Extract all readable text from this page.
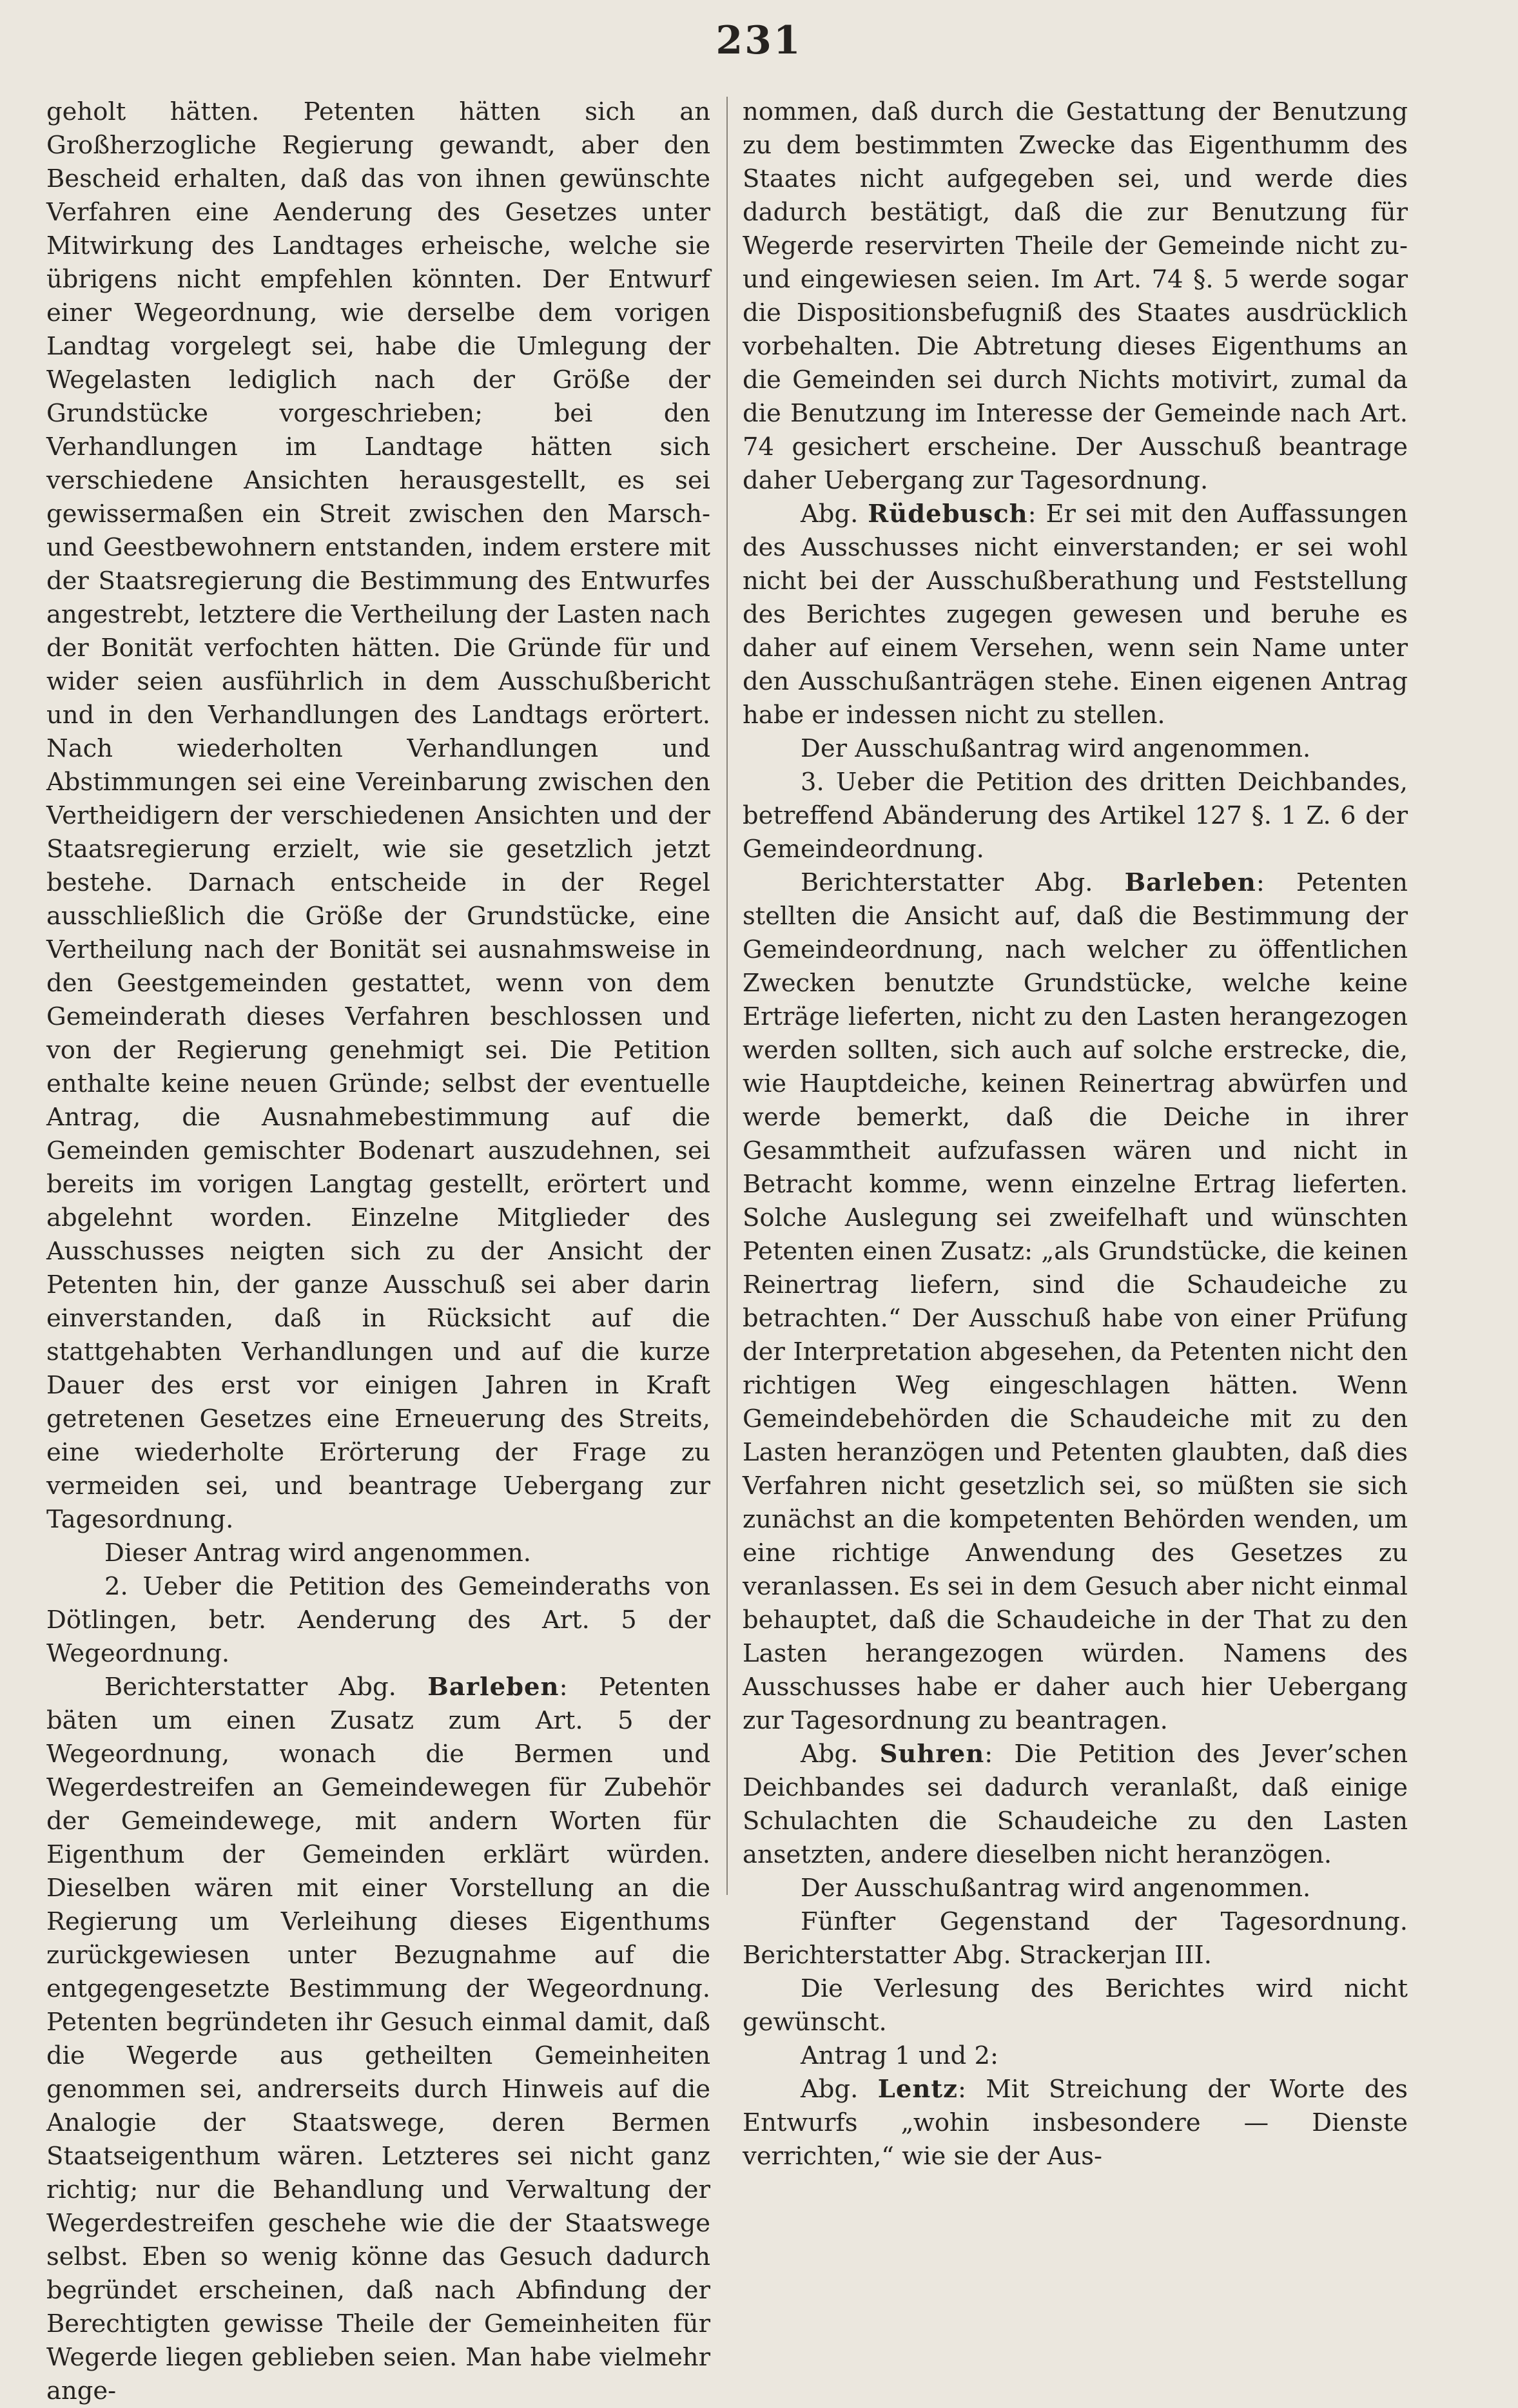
231

geholt hätten. Petenten hätten sich an Großherzogliche Regierung gewandt, aber den Bescheid erhalten, daß das von ihnen gewünschte Verfahren eine Aenderung des Gesetzes unter Mitwirkung des Landtages erheische, welche sie übrigens nicht empfehlen könnten. Der Entwurf einer Wegeordnung, wie derselbe dem vorigen Landtag vorgelegt sei, habe die Umlegung der Wegelasten lediglich nach der Größe der Grundstücke vorgeschrieben; bei den Verhandlungen im Landtage hätten sich verschiedene Ansichten herausgestellt, es sei gewissermaßen ein Streit zwischen den Marsch- und Geestbewohnern entstanden, indem erstere mit der Staatsregierung die Bestimmung des Entwurfes angestrebt, letztere die Vertheilung der Lasten nach der Bonität verfochten hätten. Die Gründe für und wider seien ausführlich in dem Ausschußbericht und in den Verhandlungen des Landtags erörtert. Nach wiederholten Verhandlungen und Abstimmungen sei eine Vereinbarung zwischen den Vertheidigern der verschiedenen Ansichten und der Staatsregierung erzielt, wie sie gesetzlich jetzt bestehe. Darnach entscheide in der Regel ausschließlich die Größe der Grundstücke, eine Vertheilung nach der Bonität sei ausnahmsweise in den Geestgemeinden gestattet, wenn von dem Gemeinderath dieses Verfahren beschlossen und von der Regierung genehmigt sei. Die Petition enthalte keine neuen Gründe; selbst der eventuelle Antrag, die Ausnahmebestimmung auf die Gemeinden gemischter Bodenart auszudehnen, sei bereits im vorigen Langtag gestellt, erörtert und abgelehnt worden. Einzelne Mitglieder des Ausschusses neigten sich zu der Ansicht der Petenten hin, der ganze Ausschuß sei aber darin einverstanden, daß in Rücksicht auf die stattgehabten Verhandlungen und auf die kurze Dauer des erst vor einigen Jahren in Kraft getretenen Gesetzes eine Erneuerung des Streits, eine wiederholte Erörterung der Frage zu vermeiden sei, und beantrage Uebergang zur Tagesordnung.

Dieser Antrag wird angenommen.

2. Ueber die Petition des Gemeinderaths von Dötlingen, betr. Aenderung des Art. 5 der Wegeordnung.

Berichterstatter Abg. Barleben: Petenten bäten um einen Zusatz zum Art. 5 der Wegeordnung, wonach die Bermen und Wegerdestreifen an Gemeindewegen für Zubehör der Gemeindewege, mit andern Worten für Eigenthum der Gemeinden erklärt würden. Dieselben wären mit einer Vorstellung an die Regierung um Verleihung dieses Eigenthums zurückgewiesen unter Bezugnahme auf die entgegengesetzte Bestimmung der Wegeordnung. Petenten begründeten ihr Gesuch einmal damit, daß die Wegerde aus getheilten Gemeinheiten genommen sei, andrerseits durch Hinweis auf die Analogie der Staatswege, deren Bermen Staatseigenthum wären. Letzteres sei nicht ganz richtig; nur die Behandlung und Verwaltung der Wegerdestreifen geschehe wie die der Staatswege selbst. Eben so wenig könne das Gesuch dadurch begründet erscheinen, daß nach Abfindung der Berechtigten gewisse Theile der Gemeinheiten für Wegerde liegen geblieben seien. Man habe vielmehr ange-

nommen, daß durch die Gestattung der Benutzung zu dem bestimmten Zwecke das Eigenthumm des Staates nicht aufgegeben sei, und werde dies dadurch bestätigt, daß die zur Benutzung für Wegerde reservirten Theile der Gemeinde nicht zu- und eingewiesen seien. Im Art. 74 §. 5 werde sogar die Dispositionsbefugniß des Staates ausdrücklich vorbehalten. Die Abtretung dieses Eigenthums an die Gemeinden sei durch Nichts motivirt, zumal da die Benutzung im Interesse der Gemeinde nach Art. 74 gesichert erscheine. Der Ausschuß beantrage daher Uebergang zur Tagesordnung.

Abg. Rüdebusch: Er sei mit den Auffassungen des Ausschusses nicht einverstanden; er sei wohl nicht bei der Ausschußberathung und Feststellung des Berichtes zugegen gewesen und beruhe es daher auf einem Versehen, wenn sein Name unter den Ausschußanträgen stehe. Einen eigenen Antrag habe er indessen nicht zu stellen.

Der Ausschußantrag wird angenommen.

3. Ueber die Petition des dritten Deichbandes, betreffend Abänderung des Artikel 127 §. 1 Z. 6 der Gemeindeordnung.

Berichterstatter Abg. Barleben: Petenten stellten die Ansicht auf, daß die Bestimmung der Gemeindeordnung, nach welcher zu öffentlichen Zwecken benutzte Grundstücke, welche keine Erträge lieferten, nicht zu den Lasten herangezogen werden sollten, sich auch auf solche erstrecke, die, wie Hauptdeiche, keinen Reinertrag abwürfen und werde bemerkt, daß die Deiche in ihrer Gesammtheit aufzufassen wären und nicht in Betracht komme, wenn einzelne Ertrag lieferten. Solche Auslegung sei zweifelhaft und wünschten Petenten einen Zusatz: „als Grundstücke, die keinen Reinertrag liefern, sind die Schaudeiche zu betrachten.“ Der Ausschuß habe von einer Prüfung der Interpretation abgesehen, da Petenten nicht den richtigen Weg eingeschlagen hätten. Wenn Gemeindebehörden die Schaudeiche mit zu den Lasten heranzögen und Petenten glaubten, daß dies Verfahren nicht gesetzlich sei, so müßten sie sich zunächst an die kompetenten Behörden wenden, um eine richtige Anwendung des Gesetzes zu veranlassen. Es sei in dem Gesuch aber nicht einmal behauptet, daß die Schaudeiche in der That zu den Lasten herangezogen würden. Namens des Ausschusses habe er daher auch hier Uebergang zur Tagesordnung zu beantragen.

Abg. Suhren: Die Petition des Jever’schen Deichbandes sei dadurch veranlaßt, daß einige Schulachten die Schaudeiche zu den Lasten ansetzten, andere dieselben nicht heranzögen.

Der Ausschußantrag wird angenommen.

Fünfter Gegenstand der Tagesordnung. Berichterstatter Abg. Strackerjan III.

Die Verlesung des Berichtes wird nicht gewünscht.

Antrag 1 und 2:

Abg. Lentz: Mit Streichung der Worte des Entwurfs „wohin insbesondere — Dienste verrichten,“ wie sie der Aus-
